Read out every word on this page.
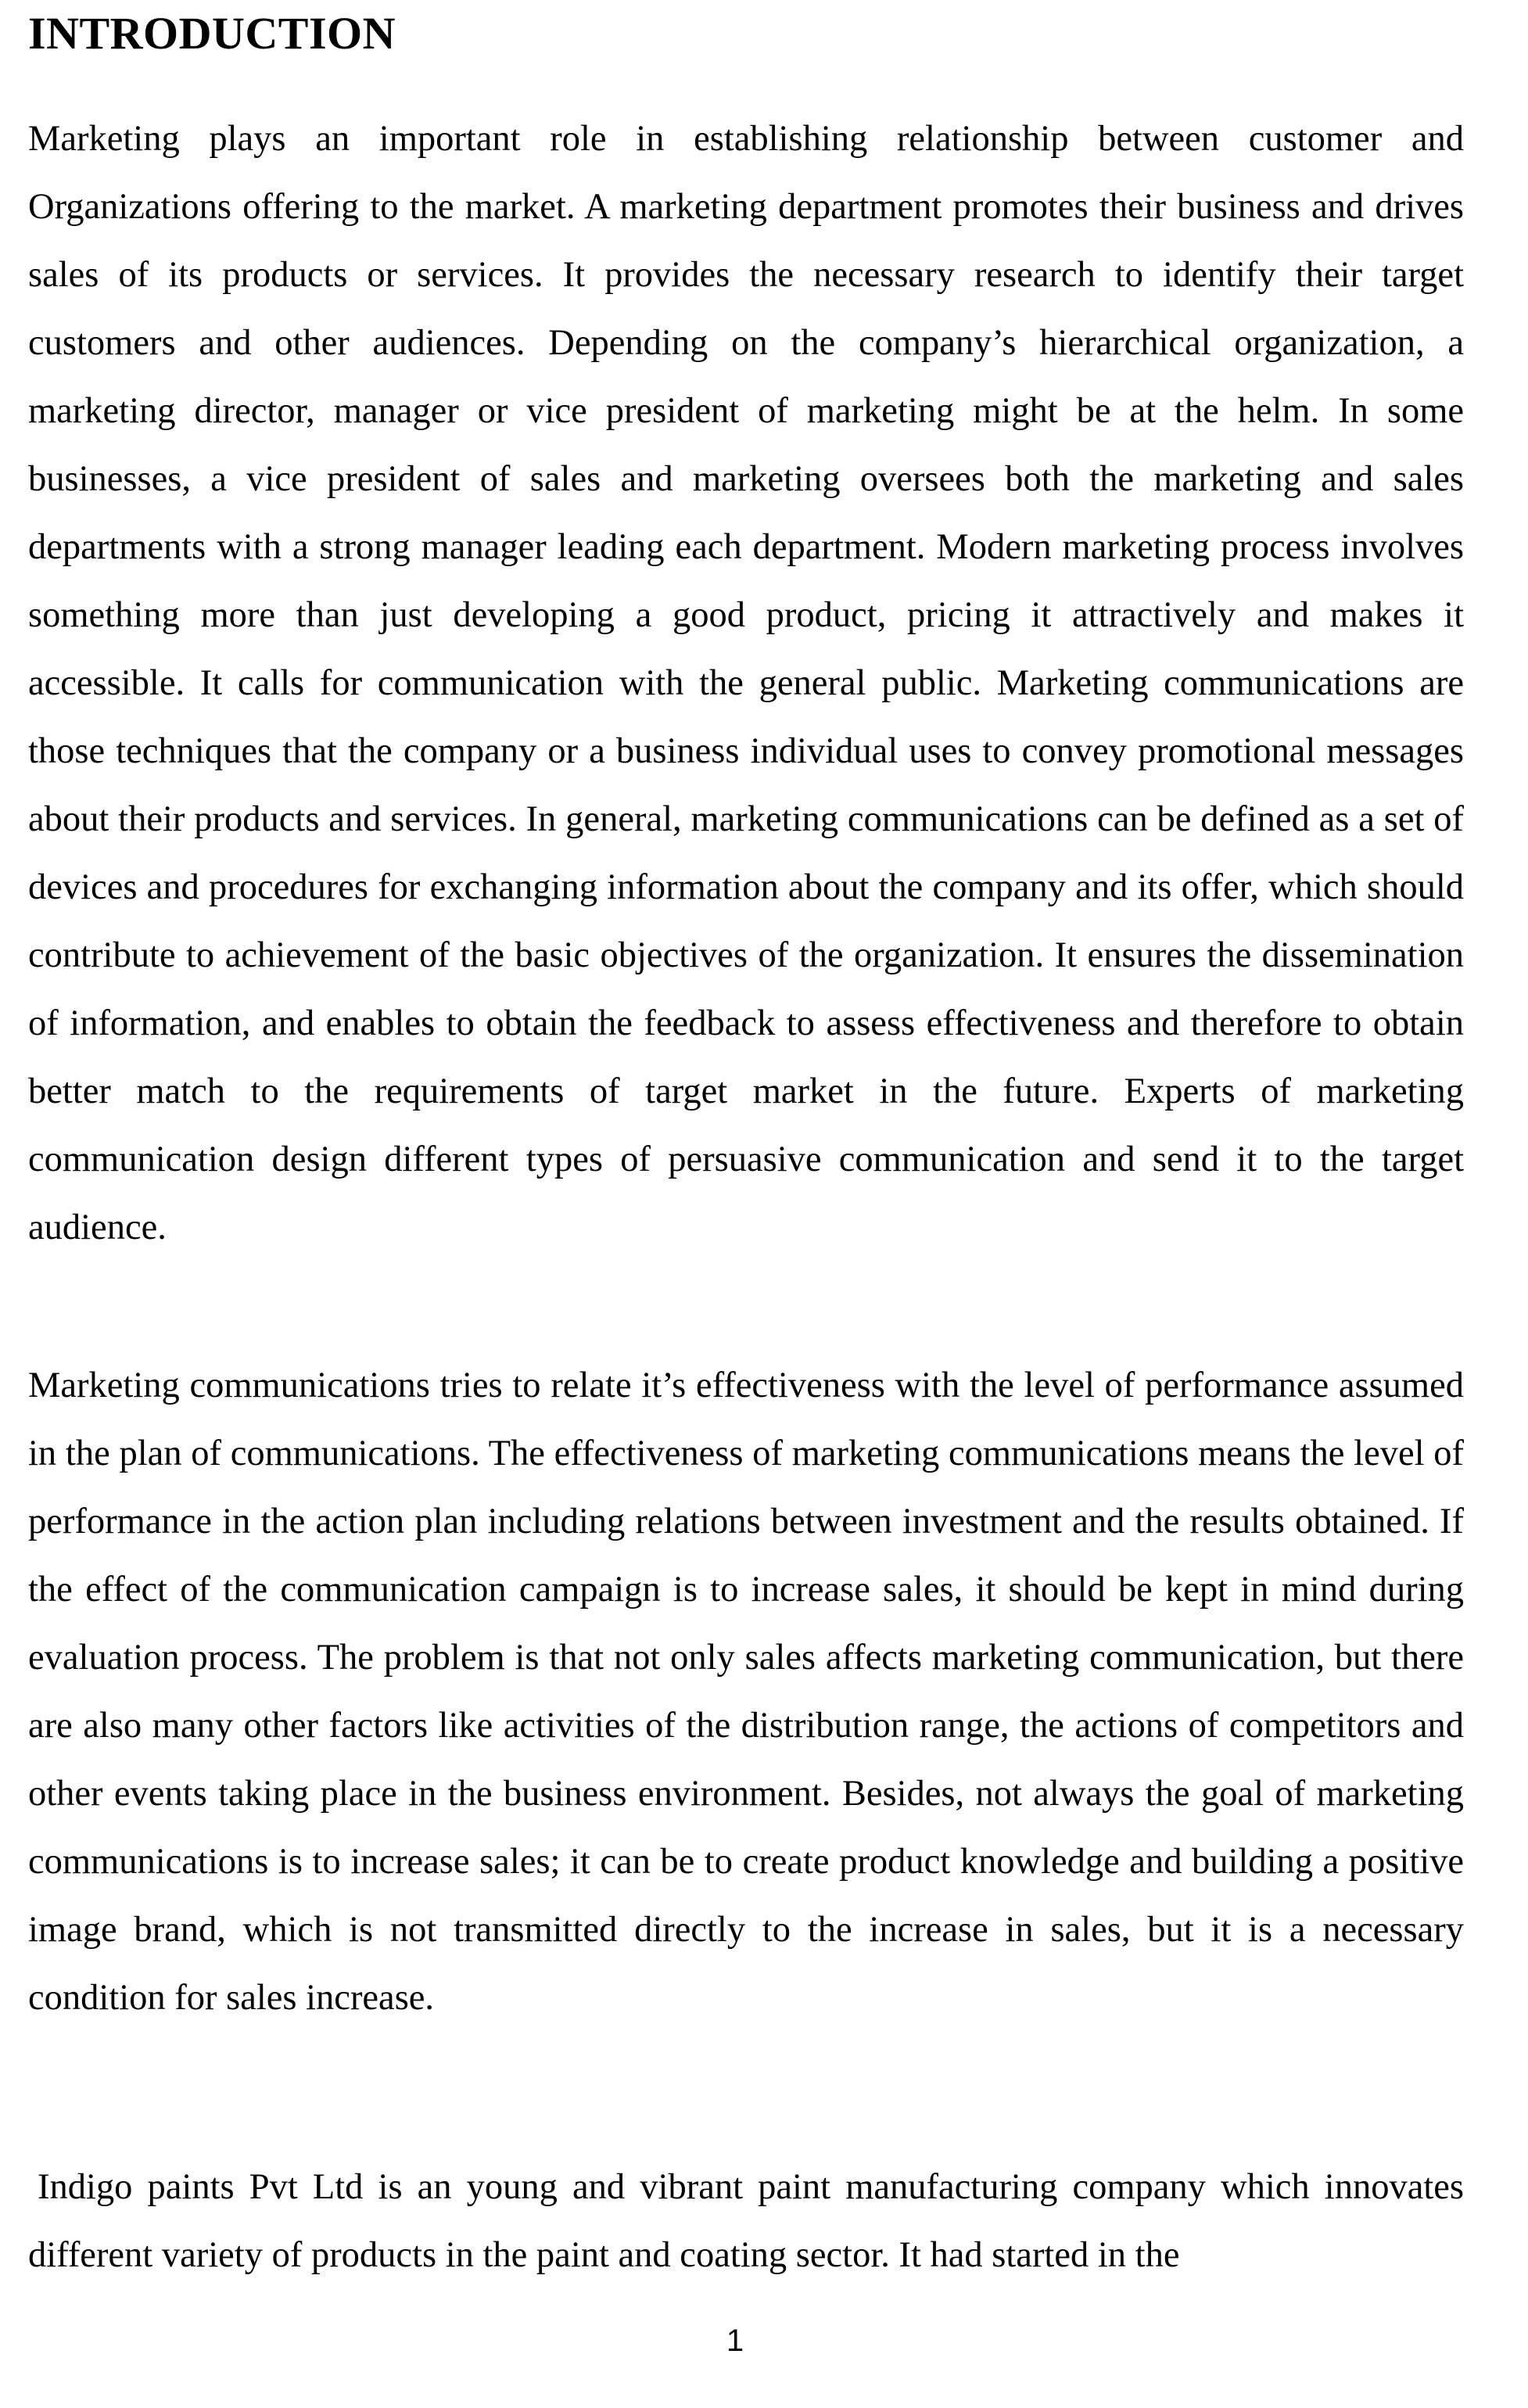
INTRODUCTION

Marketing plays an important role in establishing relationship between customer and Organizations offering to the market. A marketing department promotes their business and drives sales of its products or services. It provides the necessary research to identify their target customers and other audiences. Depending on the company’s hierarchical organization, a marketing director, manager or vice president of marketing might be at the helm. In some businesses, a vice president of sales and marketing oversees both the marketing and sales departments with a strong manager leading each department. Modern marketing process involves something more than just developing a good product, pricing it attractively and makes it accessible. It calls for communication with the general public. Marketing communications are those techniques that the company or a business individual uses to convey promotional messages about their products and services. In general, marketing communications can be defined as a set of devices and procedures for exchanging information about the company and its offer, which should contribute to achievement of the basic objectives of the organization. It ensures the dissemination of information, and enables to obtain the feedback to assess effectiveness and therefore to obtain better match to the requirements of target market in the future. Experts of marketing communication design different types of persuasive communication and send it to the target audience.

Marketing communications tries to relate it’s effectiveness with the level of performance assumed in the plan of communications. The effectiveness of marketing communications means the level of performance in the action plan including relations between investment and the results obtained. If the effect of the communication campaign is to increase sales, it should be kept in mind during evaluation process. The problem is that not only sales affects marketing communication, but there are also many other factors like activities of the distribution range, the actions of competitors and other events taking place in the business environment. Besides, not always the goal of marketing communications is to increase sales; it can be to create product knowledge and building a positive image brand, which is not transmitted directly to the increase in sales, but it is a necessary condition for sales increase.

Indigo paints Pvt Ltd is an young and vibrant paint manufacturing company which innovates different variety of products in the paint and coating sector. It had started in the

1
